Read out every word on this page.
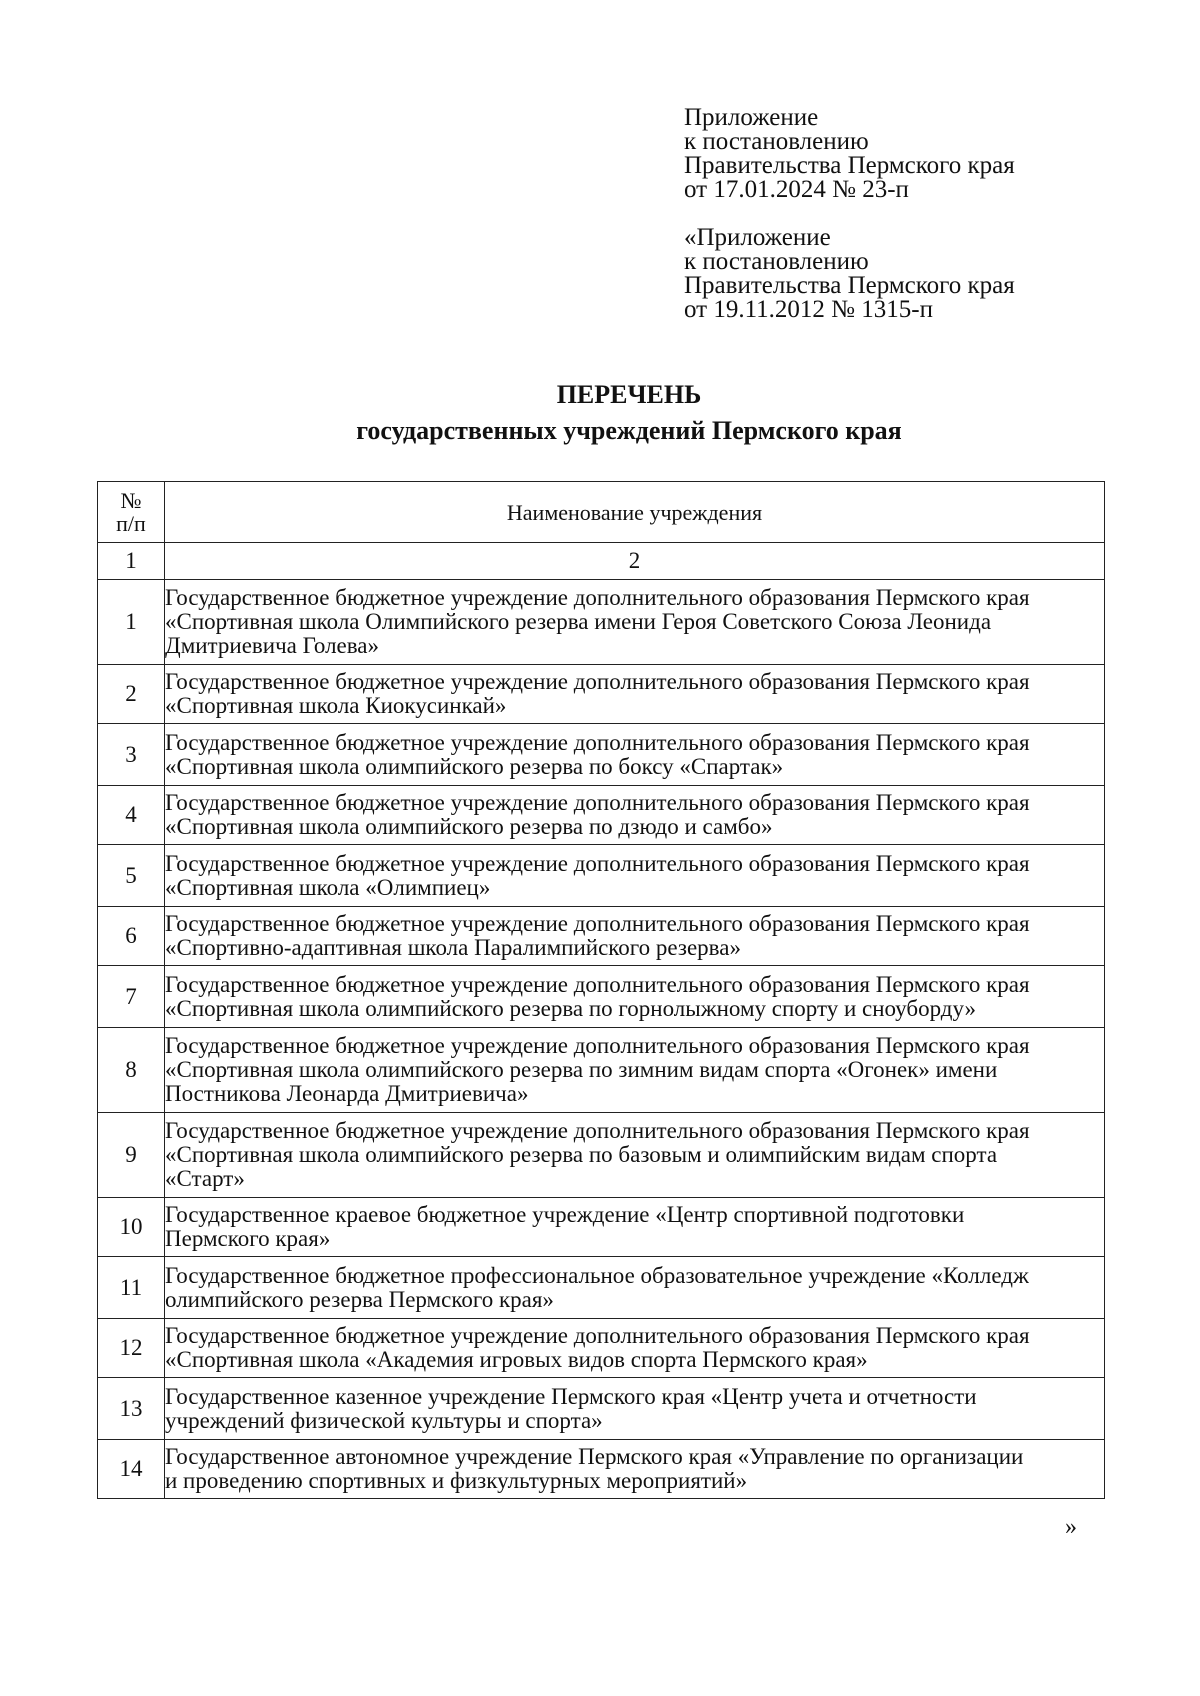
Приложение
к постановлению
Правительства Пермского края
от 17.01.2024 № 23-п
«Приложение
к постановлению
Правительства Пермского края
от 19.11.2012 № 1315-п
ПЕРЕЧЕНЬ
государственных учреждений Пермского края
№
п/п	Наименование учреждения
1	2
1	Государственное бюджетное учреждение дополнительного образования Пермского края
«Спортивная школа Олимпийского резерва имени Героя Советского Союза Леонида
Дмитриевича Голева»

2	Государственное бюджетное учреждение дополнительного образования Пермского края
«Спортивная школа Киокусинкай»

3	Государственное бюджетное учреждение дополнительного образования Пермского края
«Спортивная школа олимпийского резерва по боксу «Спартак»

4	Государственное бюджетное учреждение дополнительного образования Пермского края
«Спортивная школа олимпийского резерва по дзюдо и самбо»

5	Государственное бюджетное учреждение дополнительного образования Пермского края
«Спортивная школа «Олимпиец»

6	Государственное бюджетное учреждение дополнительного образования Пермского края
«Спортивно-адаптивная школа Паралимпийского резерва»

7	Государственное бюджетное учреждение дополнительного образования Пермского края
«Спортивная школа олимпийского резерва по горнолыжному спорту и сноуборду»

8	Государственное бюджетное учреждение дополнительного образования Пермского края
«Спортивная школа олимпийского резерва по зимним видам спорта «Огонек» имени
Постникова Леонарда Дмитриевича»

9	Государственное бюджетное учреждение дополнительного образования Пермского края
«Спортивная школа олимпийского резерва по базовым и олимпийским видам спорта
«Старт»

10	Государственное краевое бюджетное учреждение «Центр спортивной подготовки
Пермского края»

11	Государственное бюджетное профессиональное образовательное учреждение «Колледж
олимпийского резерва Пермского края»

12	Государственное бюджетное учреждение дополнительного образования Пермского края
«Спортивная школа «Академия игровых видов спорта Пермского края»

13	Государственное казенное учреждение Пермского края «Центр учета и отчетности
учреждений физической культуры и спорта»

14	Государственное автономное учреждение Пермского края «Управление по организации
и проведению спортивных и физкультурных мероприятий»
»
